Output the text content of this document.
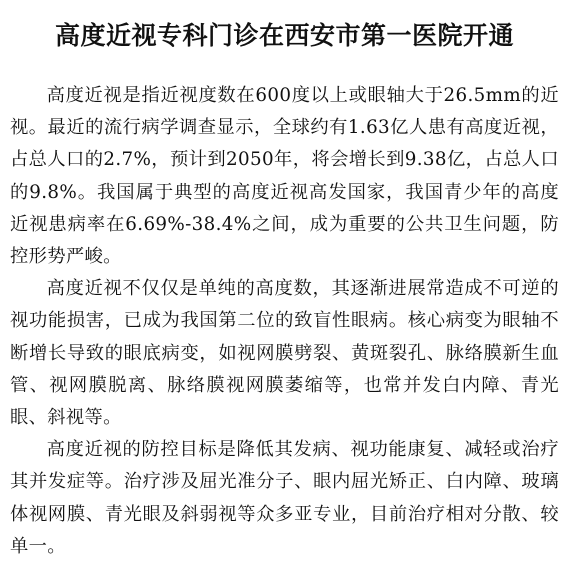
高度近视专科门诊在西安市第一医院开通

高度近视是指近视度数在600度以上或眼轴大于26.5mm的近视。最近的流行病学调查显示，全球约有1.63亿人患有高度近视，占总人口的2.7%，预计到2050年，将会增长到9.38亿，占总人口的9.8%。我国属于典型的高度近视高发国家，我国青少年的高度近视患病率在6.69%-38.4%之间，成为重要的公共卫生问题，防控形势严峻。

高度近视不仅仅是单纯的高度数，其逐渐进展常造成不可逆的视功能损害，已成为我国第二位的致盲性眼病。核心病变为眼轴不断增长导致的眼底病变，如视网膜劈裂、黄斑裂孔、脉络膜新生血管、视网膜脱离、脉络膜视网膜萎缩等，也常并发白内障、青光眼、斜视等。

高度近视的防控目标是降低其发病、视功能康复、减轻或治疗其并发症等。治疗涉及屈光准分子、眼内屈光矫正、白内障、玻璃体视网膜、青光眼及斜弱视等众多亚专业，目前治疗相对分散、较单一。
